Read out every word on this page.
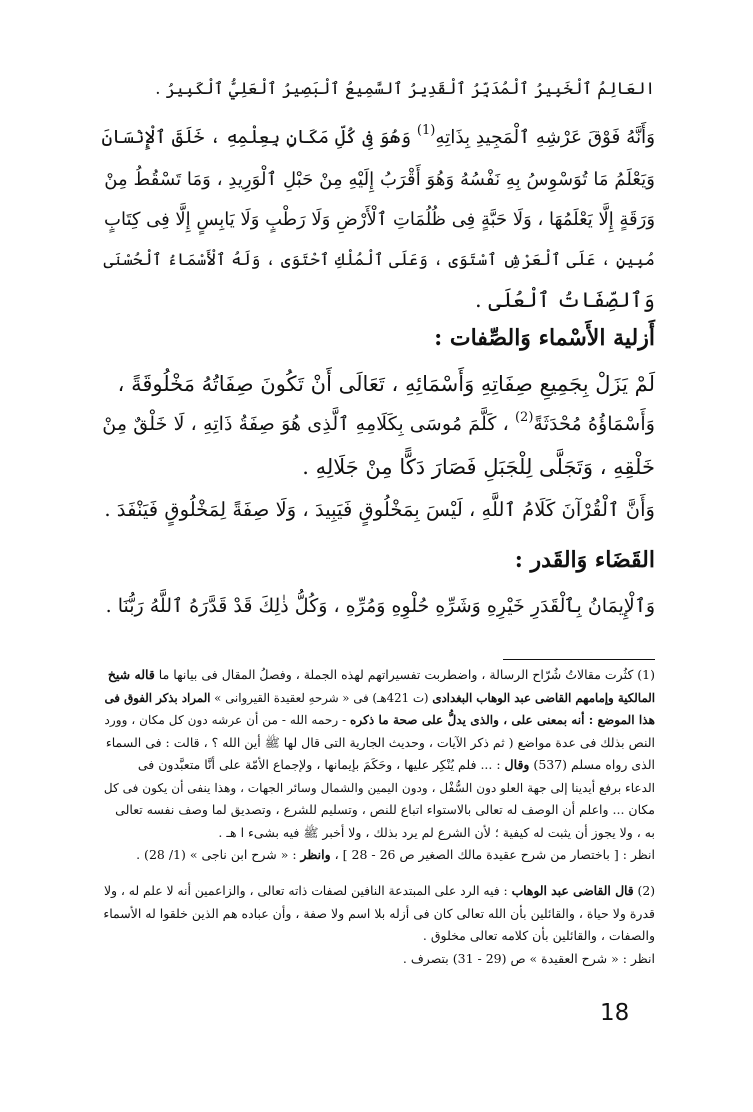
العَالِمُ ٱلْخَبِيرُ ٱلْمُدَبِّرُ ٱلْقَدِيرُ ٱلسَّمِيعُ ٱلْبَصِيرُ ٱلْعَلِيُّ ٱلْكَبِيرُ .
وَأَنَّهُ فَوْقَ عَرْشِهِ ٱلْمَجِيدِ بِذَاتِهِ$^{(1)}$ وَهُوَ فِى كُلِّ مَكَانٍ بِعِلْمِهِ ، خَلَقَ ٱلْإِنْسَانَ
وَيَعْلَمُ مَا تُوَسْوِسُ بِهِ نَفْسُهُ وَهُوَ أَقْرَبُ إِلَيْهِ مِنْ حَبْلِ ٱلْوَرِيدِ ، وَمَا تَسْقُطُ مِنْ
وَرَقَةٍ إِلَّا يَعْلَمُهَا ، وَلَا حَبَّةٍ فِى ظُلُمَاتِ ٱلْأَرْضِ وَلَا رَطْبٍ وَلَا يَابِسٍ إِلَّا فِى كِتَابٍ
مُبِينٍ ، عَلَى ٱلْعَرْشِ ٱسْتَوَى ، وَعَلَى ٱلْمُلْكِ ٱحْتَوَى ، وَلَهُ ٱلْأَسْمَاءُ ٱلْحُسْنَى
وَٱلصِّفَاتُ ٱلْعُلَى .
أَزلية الأَسْماء وَالصِّفات :
لَمْ يَزَلْ بِجَمِيعِ صِفَاتِهِ وَأَسْمَائِهِ ، تَعَالَى أَنْ تَكُونَ صِفَاتُهُ مَخْلُوقَةً ،
وَأَسْمَاؤُهُ مُحْدَثَةً$^{(2)}$ ، كَلَّمَ مُوسَى بِكَلَامِهِ ٱلَّذِى هُوَ صِفَةُ ذَاتِهِ ، لَا خَلْقٌ مِنْ
خَلْقِهِ ، وَتَجَلَّى لِلْجَبَلِ فَصَارَ دَكًّا مِنْ جَلَالِهِ .
وَأَنَّ ٱلْقُرْآنَ كَلَامُ ٱللَّهِ ، لَيْسَ بِمَخْلُوقٍ فَيَبِيدَ ، وَلَا صِفَةً لِمَخْلُوقٍ فَيَنْفَدَ .
القَضَاء وَالقَدر :
وَٱلْإِيمَانُ بِٱلْقَدَرِ خَيْرِهِ وَشَرِّهِ حُلْوِهِ وَمُرِّهِ ، وَكُلُّ ذٰلِكَ قَدْ قَدَّرَهُ ٱللَّهُ رَبُّنَا .
(1) كثُرت مقالاتُ شُرّاح الرسالة ، واضطربت تفسيراتهم لهذه الجملة ، وفصلُ المقال فى بيانها ما قاله شيخ
المالكية وإمامهم القاضى عبد الوهاب البغدادى (ت 421هـ) فى « شرحهِ لعقيدة القيروانى » المراد بذكر الفوق فى
هذا الموضع : أنه بمعنى على ، والذى يدلُّ على صحة ما ذكره - رحمه الله - من أن عرشه دون كل مكان ، وورد
النص بذلك فى عدة مواضع ( ثم ذكر الآيات ، وحديث الجارية التى قال لها ﷺ أين الله ؟ ، قالت : فى السماء
الذى رواه مسلم (537) وقال : ... فلم يُنْكِر عليها ، وحَكَمَ بإيمانها ، ولإجماع الأمّة على أنَّا متعبَّدون فى
الدعاء برفع أيدينا إلى جهة العلو دون السُّفْل ، ودون اليمين والشمال وسائر الجهات ، وهذا ينفى أن يكون فى كل
مكان ... واعلم أن الوصف له تعالى بالاستواء اتباع للنص ، وتسليم للشرع ، وتصديق لما وصف نفسه تعالى
به ، ولا يجوز أن يثبت له كيفية ؛ لأن الشرع لم يرد بذلك ، ولا أخبر ﷺ فيه بشىء ا هـ .
انظر : [ باختصار من شرح عقيدة مالك الصغير ص 26 - 28 ] ، وانظر : « شرح ابن ناجى » (1/ 28) .
(2) قال القاضى عبد الوهاب : فيه الرد على المبتدعة النافين لصفات ذاته تعالى ، والزاعمين أنه لا علم له ، ولا
قدرة ولا حياة ، والقائلين بأن الله تعالى كان فى أزله بلا اسم ولا صفة ، وأن عباده هم الذين خلقوا له الأسماء
والصفات ، والقائلين بأن كلامه تعالى مخلوق .
انظر : « شرح العقيدة » ص (29 - 31) بتصرف .
18
